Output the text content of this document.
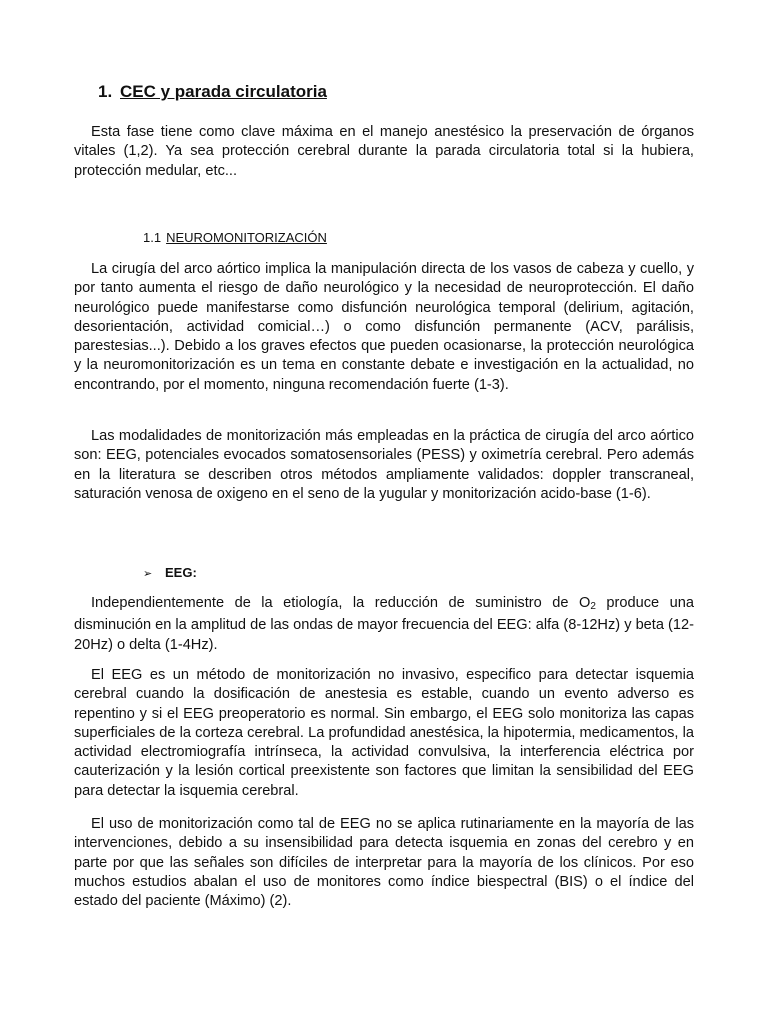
1. CEC y parada circulatoria

Esta fase tiene como clave máxima en el manejo anestésico la preservación de órganos vitales (1,2). Ya sea protección cerebral durante la parada circulatoria total si la hubiera, protección medular, etc...

1.1 NEUROMONITORIZACIÓN

La cirugía del arco aórtico implica la manipulación directa de los vasos de cabeza y cuello, y por tanto aumenta el riesgo de daño neurológico y la necesidad de neuroprotección. El daño neurológico puede manifestarse como disfunción neurológica temporal (delirium, agitación, desorientación, actividad comicial…) o como disfunción permanente (ACV, parálisis, parestesias...). Debido a los graves efectos que pueden ocasionarse, la protección neurológica y la neuromonitorización es un tema en constante debate e investigación en la actualidad, no encontrando, por el momento, ninguna recomendación fuerte (1-3).

Las modalidades de monitorización más empleadas en la práctica de cirugía del arco aórtico son: EEG, potenciales evocados somatosensoriales (PESS) y oximetría cerebral. Pero además en la literatura se describen otros métodos ampliamente validados: doppler transcraneal, saturación venosa de oxigeno en el seno de la yugular y monitorización acido-base (1-6).

➢ EEG:

Independientemente de la etiología, la reducción de suministro de $O_2$ produce una disminución en la amplitud de las ondas de mayor frecuencia del EEG: alfa (8-12Hz) y beta (12-20Hz) o delta (1-4Hz).

El EEG es un método de monitorización no invasivo, especifico para detectar isquemia cerebral cuando la dosificación de anestesia es estable, cuando un evento adverso es repentino y si el EEG preoperatorio es normal. Sin embargo, el EEG solo monitoriza las capas superficiales de la corteza cerebral. La profundidad anestésica, la hipotermia, medicamentos, la actividad electromiografía intrínseca, la actividad convulsiva, la interferencia eléctrica por cauterización y la lesión cortical preexistente son factores que limitan la sensibilidad del EEG para detectar la isquemia cerebral.

El uso de monitorización como tal de EEG no se aplica rutinariamente en la mayoría de las intervenciones, debido a su insensibilidad para detecta isquemia en zonas del cerebro y en parte por que las señales son difíciles de interpretar para la mayoría de los clínicos. Por eso muchos estudios abalan el uso de monitores como índice biespectral (BIS) o el índice del estado del paciente (Máximo) (2).
